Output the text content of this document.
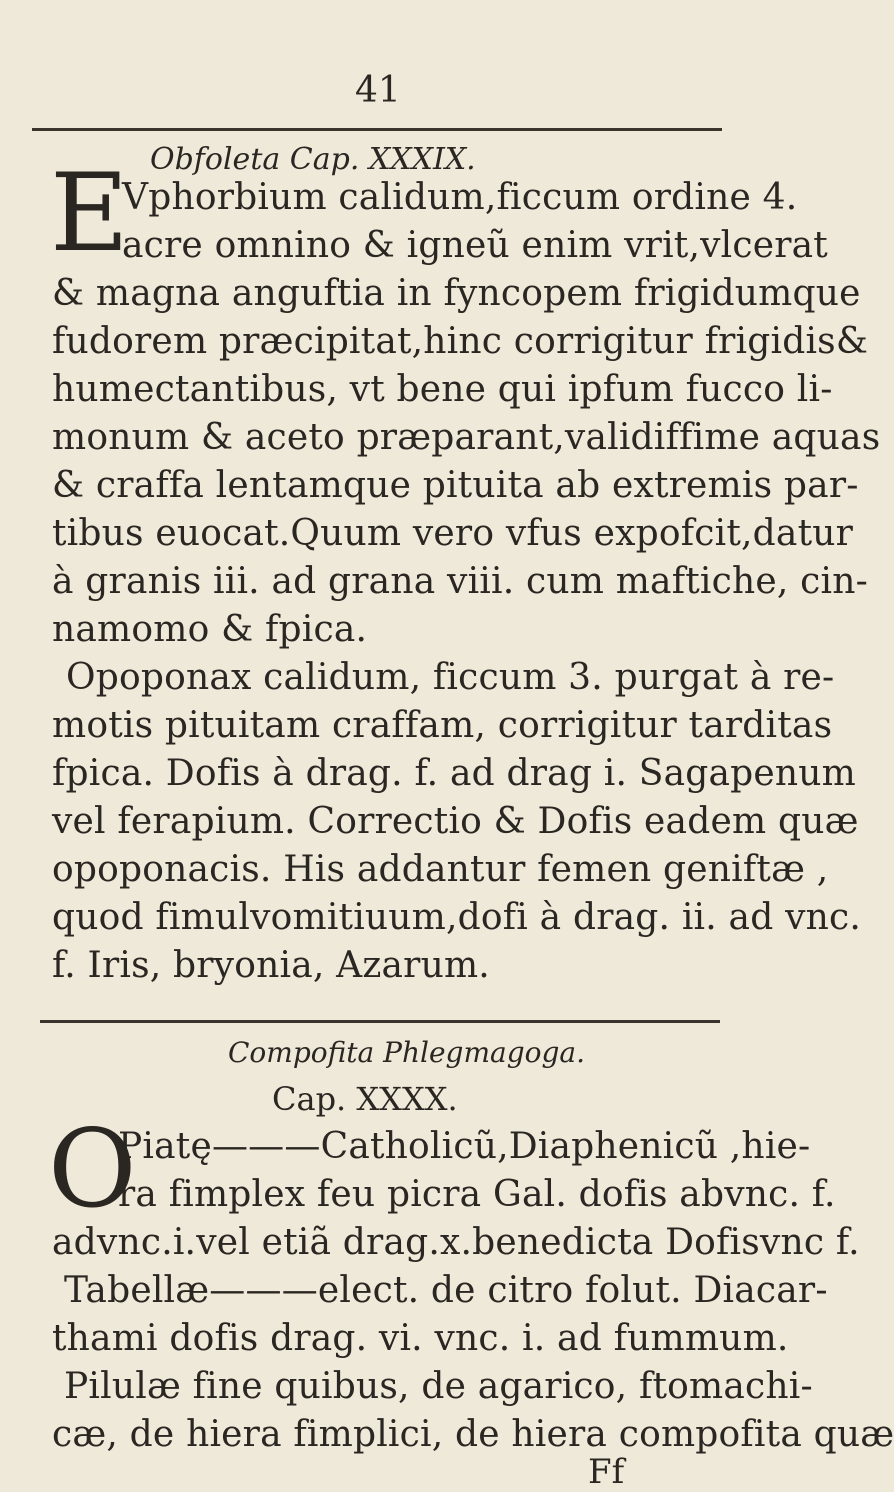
41
Obfoleta Cap. XXXIX.
E
Vphorbium calidum,ficcum ordine 4.
acre omnino & igneũ enim vrit,vlcerat
& magna anguftia in fyncopem frigidumque
fudorem præcipitat,hinc corrigitur frigidis&
humectantibus, vt bene qui ipfum fucco li-
monum & aceto præparant,validiffime aquas
& craffa lentamque pituita ab extremis par-
tibus euocat.Quum vero vfus expofcit,datur
à granis iii. ad grana viii. cum maftiche, cin-
namomo & fpica.
Opoponax calidum, ficcum 3. purgat à re-
motis pituitam craffam, corrigitur tarditas
fpica. Dofis à drag. f. ad drag i. Sagapenum
vel ferapium. Correctio & Dofis eadem quæ
opoponacis. His addantur femen geniftæ ,
quod fimulvomitiuum,dofi à drag. ii. ad vnc.
f. Iris, bryonia, Azarum.
Compofita Phlegmagoga.
Cap. XXXX.
O
Piatę———Catholicũ,Diaphenicũ ,hie-
ra fimplex feu picra Gal. dofis abvnc. f.
advnc.i.vel etiã drag.x.benedicta Dofisvnc f.
Tabellæ———elect. de citro folut. Diacar-
thami dofis drag. vi. vnc. i. ad fummum.
Pilulæ fine quibus, de agarico, ftomachi-
cæ, de hiera fimplici, de hiera compofita quæ
Ff
